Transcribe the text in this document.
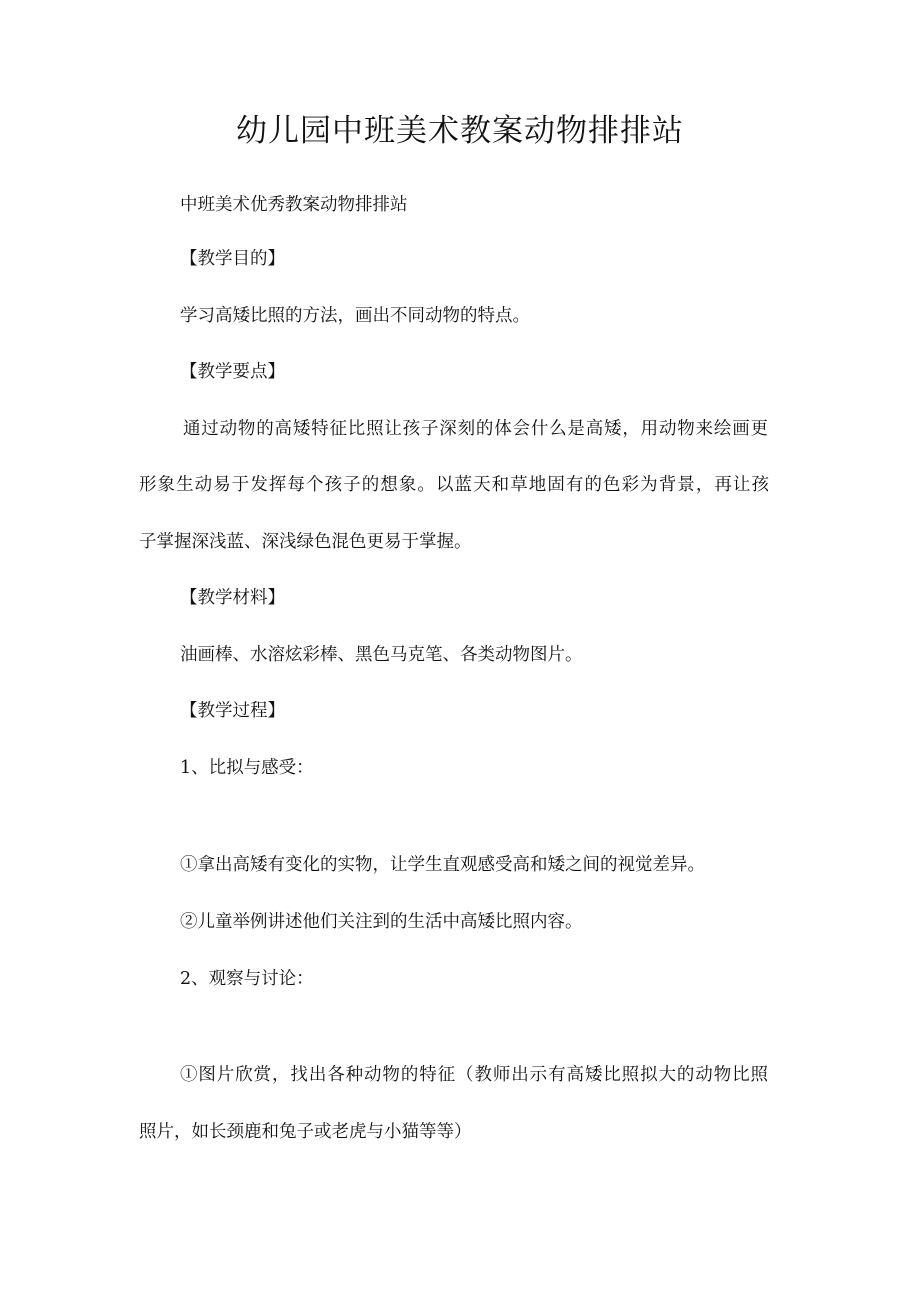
幼儿园中班美术教案动物排排站
中班美术优秀教案动物排排站
【教学目的】
学习高矮比照的方法，画出不同动物的特点。
【教学要点】
通过动物的高矮特征比照让孩子深刻的体会什么是高矮，用动物来绘画更
形象生动易于发挥每个孩子的想象。以蓝天和草地固有的色彩为背景，再让孩
子掌握深浅蓝、深浅绿色混色更易于掌握。
【教学材料】
油画棒、水溶炫彩棒、黑色马克笔、各类动物图片。
【教学过程】
1、比拟与感受：
①拿出高矮有变化的实物，让学生直观感受高和矮之间的视觉差异。
②儿童举例讲述他们关注到的生活中高矮比照内容。
2、观察与讨论：
①图片欣赏，找出各种动物的特征（教师出示有高矮比照拟大的动物比照
照片，如长颈鹿和兔子或老虎与小猫等等）
